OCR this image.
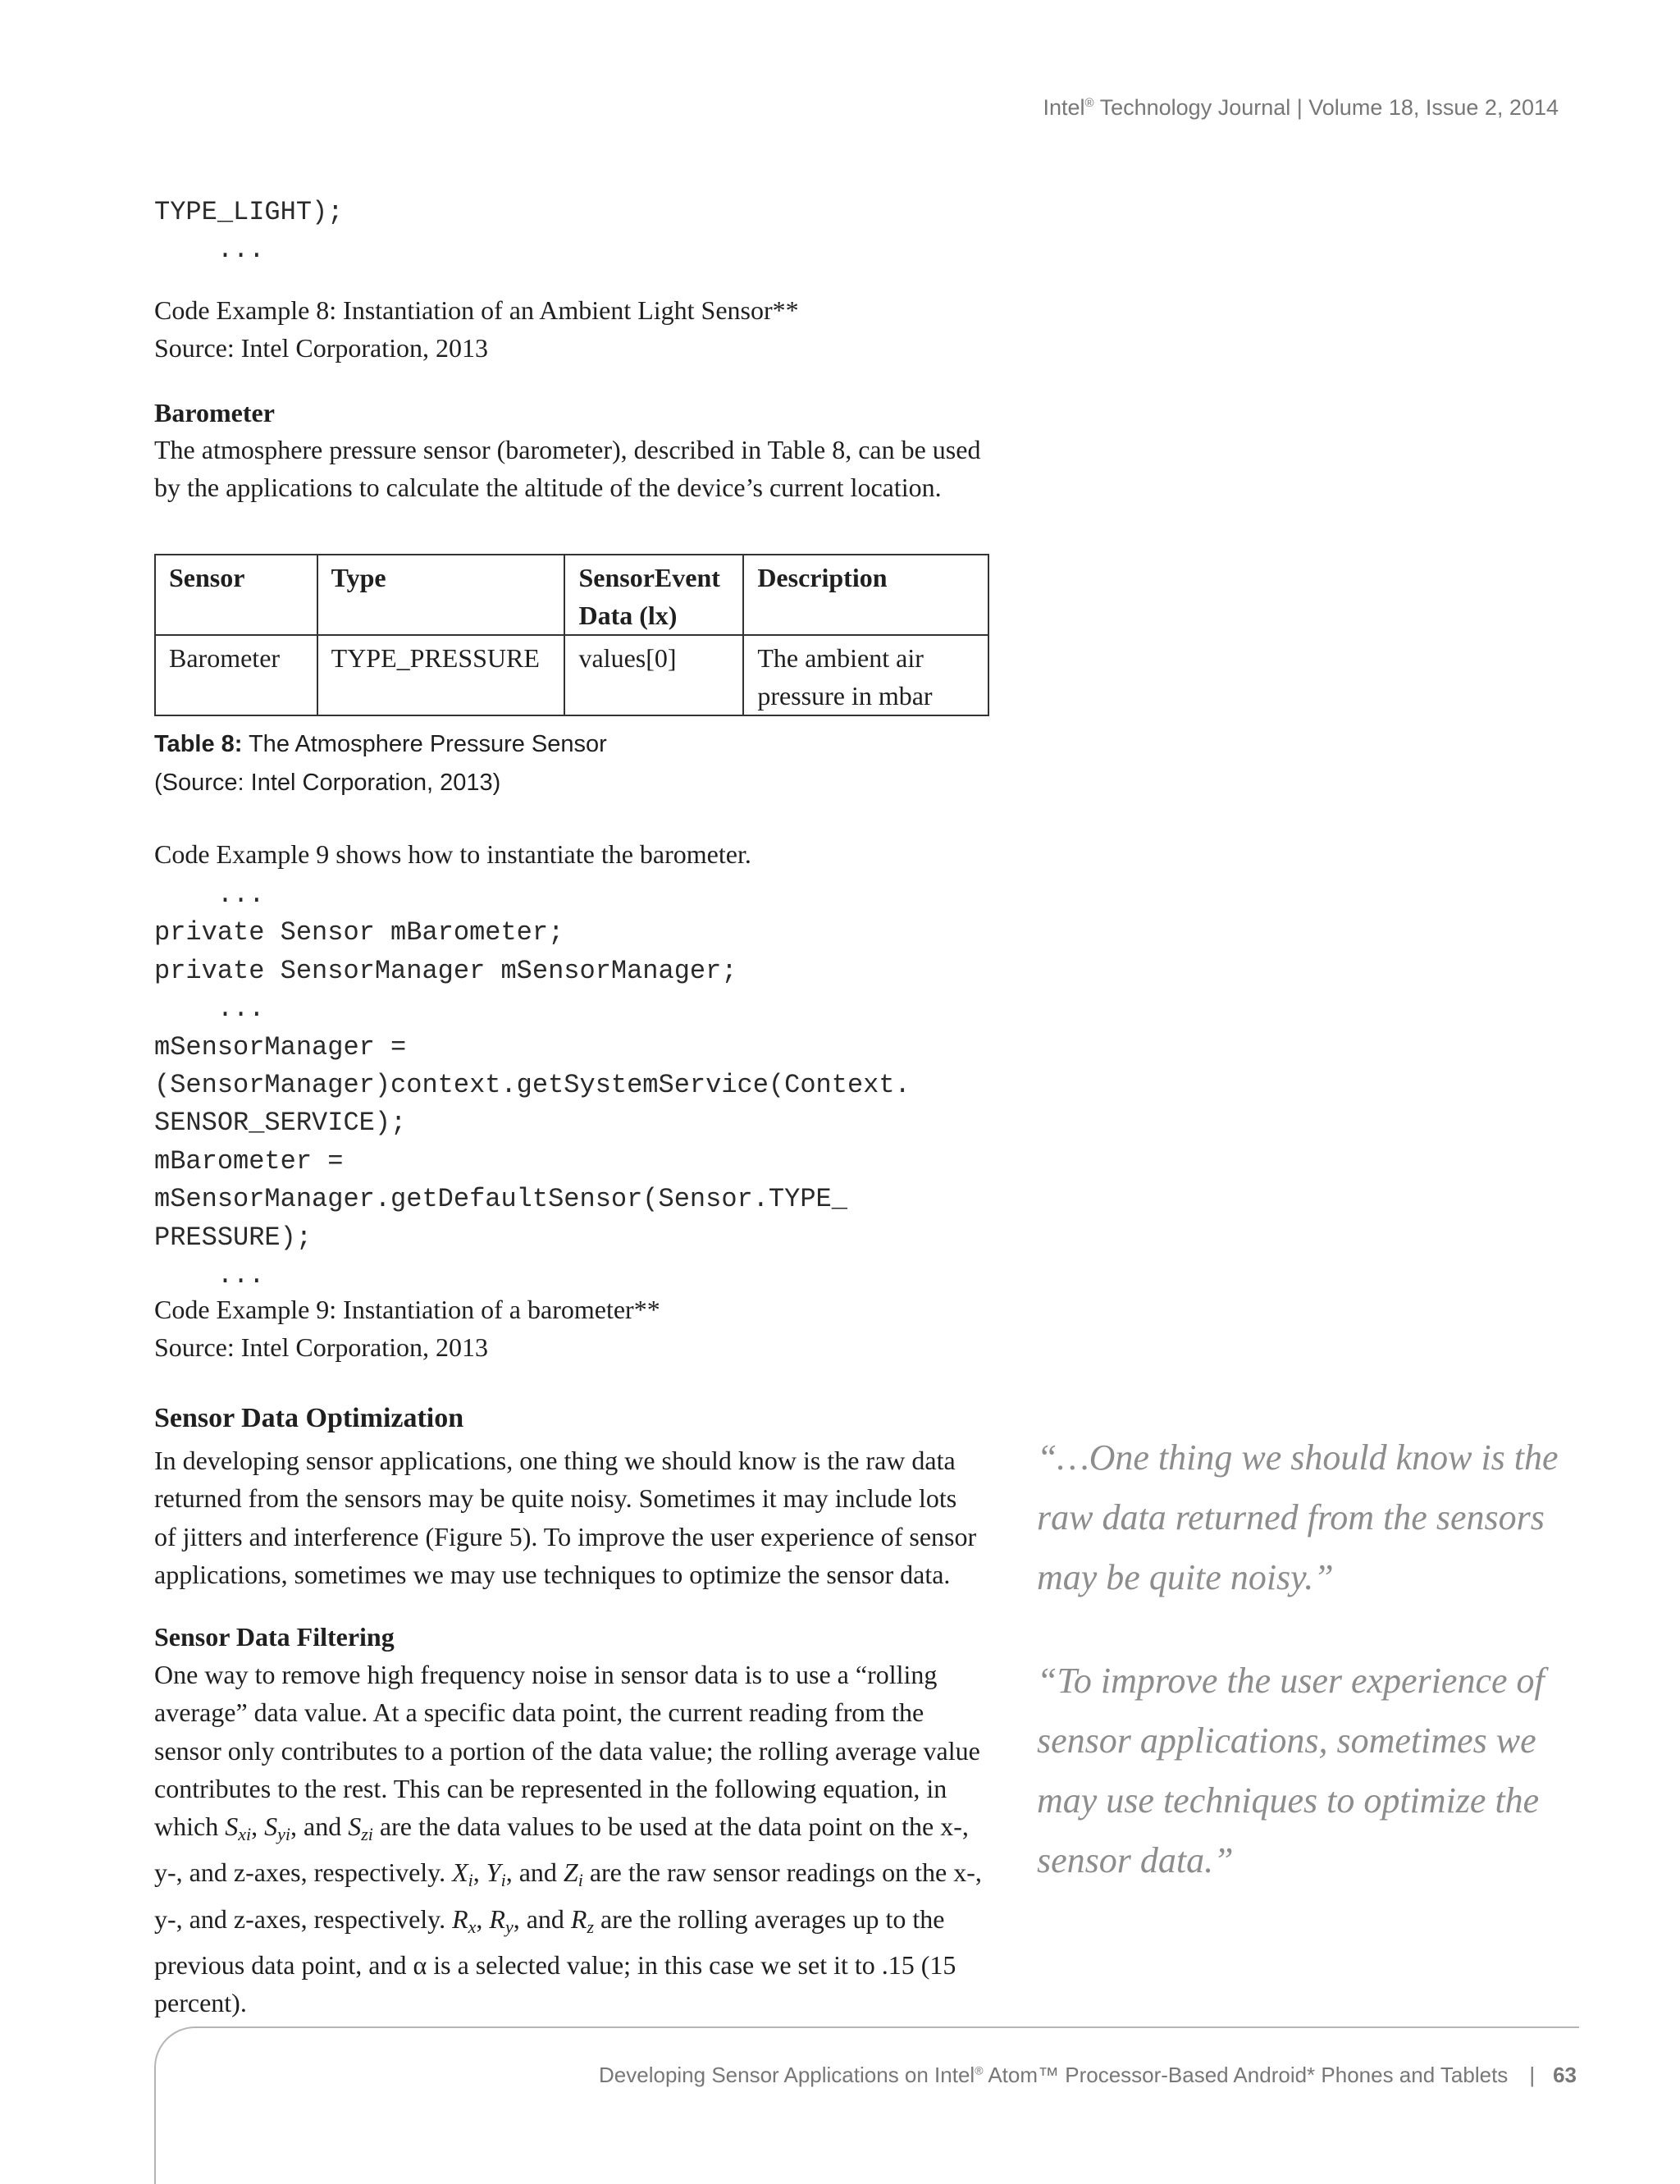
Intel® Technology Journal | Volume 18, Issue 2, 2014
TYPE_LIGHT);
...
Code Example 8: Instantiation of an Ambient Light Sensor**
Source: Intel Corporation, 2013
Barometer
The atmosphere pressure sensor (barometer), described in Table 8, can be used by the applications to calculate the altitude of the device’s current location.
Sensor	Type	SensorEvent Data (lx)	Description
Barometer	TYPE_PRESSURE	values[0]	The ambient air pressure in mbar
Table 8: The Atmosphere Pressure Sensor
(Source: Intel Corporation, 2013)
Code Example 9 shows how to instantiate the barometer.
...
private Sensor mBarometer;
private SensorManager mSensorManager;
...
mSensorManager =
(SensorManager)context.getSystemService(Context.
SENSOR_SERVICE);
mBarometer =
mSensorManager.getDefaultSensor(Sensor.TYPE_
PRESSURE);
...
Code Example 9: Instantiation of a barometer**
Source: Intel Corporation, 2013
Sensor Data Optimization
In developing sensor applications, one thing we should know is the raw data returned from the sensors may be quite noisy. Sometimes it may include lots of jitters and interference (Figure 5). To improve the user experience of sensor applications, sometimes we may use techniques to optimize the sensor data.
Sensor Data Filtering
One way to remove high frequency noise in sensor data is to use a “rolling average” data value. At a specific data point, the current reading from the sensor only contributes to a portion of the data value; the rolling average value contributes to the rest. This can be represented in the following equation, in which $S_{xi}$, $S_{yi}$, and $S_{zi}$ are the data values to be used at the data point on the x-, y-, and z-axes, respectively. $X_i$, $Y_i$, and $Z_i$ are the raw sensor readings on the x-, y-, and z-axes, respectively. $R_x$, $R_y$, and $R_z$ are the rolling averages up to the previous data point, and α is a selected value; in this case we set it to .15 (15 percent).
“…One thing we should know is the raw data returned from the sensors may be quite noisy.”
“To improve the user experience of sensor applications, sometimes we may use techniques to optimize the sensor data.”
Developing Sensor Applications on Intel® Atom™ Processor-Based Android* Phones and Tablets | 63
